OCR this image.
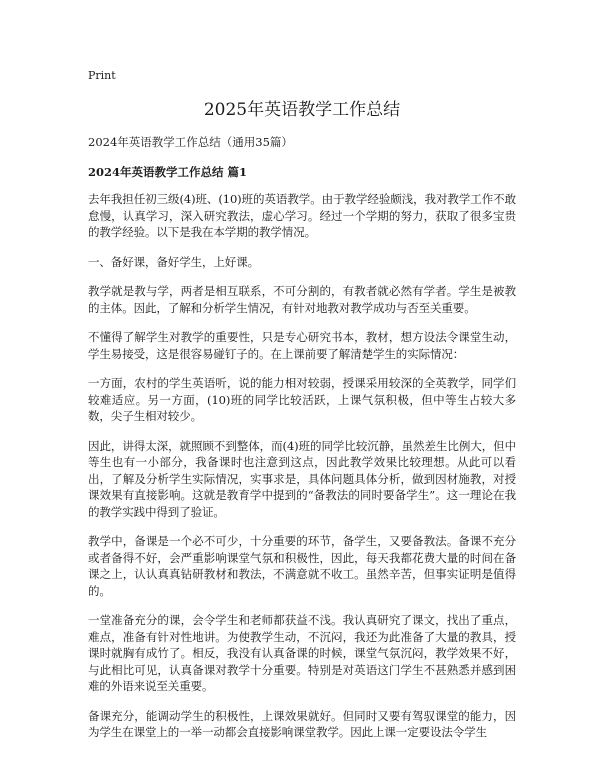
Print
2025年英语教学工作总结

2024年英语教学工作总结（通用35篇）

2024年英语教学工作总结 篇1

去年我担任初三级(4)班、(10)班的英语教学。由于教学经验颇浅，我对教学工作不敢怠慢，认真学习，深入研究教法，虚心学习。经过一个学期的努力，获取了很多宝贵的教学经验。以下是我在本学期的教学情况。

一、备好课，备好学生，上好课。

教学就是教与学，两者是相互联系，不可分割的，有教者就必然有学者。学生是被教的主体。因此，了解和分析学生情况，有针对地教对教学成功与否至关重要。

不懂得了解学生对教学的重要性，只是专心研究书本，教材，想方设法令课堂生动，学生易接受，这是很容易碰钉子的。在上课前要了解清楚学生的实际情况：

一方面，农村的学生英语听，说的能力相对较弱，授课采用较深的全英教学，同学们较难适应。另一方面，(10)班的同学比较活跃，上课气氛积极，但中等生占较大多数，尖子生相对较少。

因此，讲得太深，就照顾不到整体，而(4)班的同学比较沉静，虽然差生比例大，但中等生也有一小部分，我备课时也注意到这点，因此教学效果比较理想。从此可以看出，了解及分析学生实际情况，实事求是，具体问题具体分析，做到因材施教，对授课效果有直接影响。这就是教育学中提到的“备教法的同时要备学生”。这一理论在我的教学实践中得到了验证。

教学中，备课是一个必不可少，十分重要的环节，备学生，又要备教法。备课不充分或者备得不好，会严重影响课堂气氛和积极性，因此，每天我都花费大量的时间在备课之上，认认真真钻研教材和教法，不满意就不收工。虽然辛苦，但事实证明是值得的。

一堂准备充分的课，会令学生和老师都获益不浅。我认真研究了课文，找出了重点，难点，准备有针对性地讲。为使教学生动，不沉闷，我还为此准备了大量的教具，授课时就胸有成竹了。相反，我没有认真备课的时候，课堂气氛沉闷，教学效果不好，与此相比可见，认真备课对教学十分重要。特别是对英语这门学生不甚熟悉并感到困难的外语来说至关重要。

备课充分，能调动学生的积极性，上课效果就好。但同时又要有驾驭课堂的能力，因为学生在课堂上的一举一动都会直接影响课堂教学。因此上课一定要设法令学生
